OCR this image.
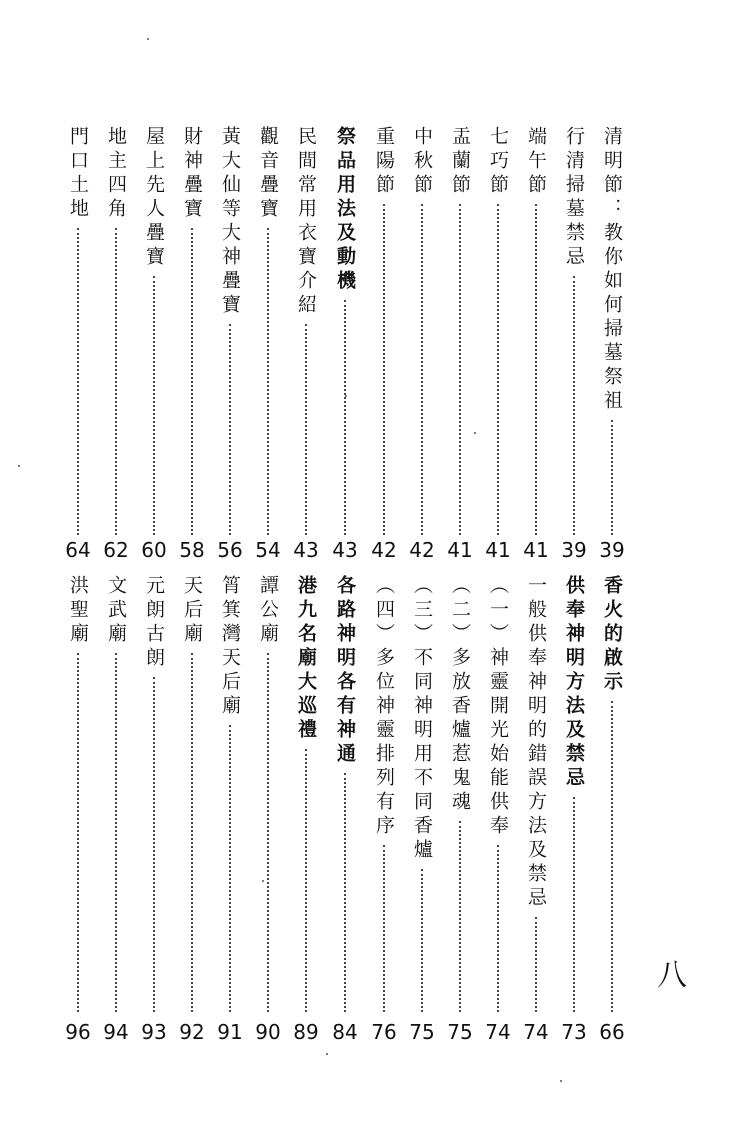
清明節：教你如何掃墓祭祖
39
行清掃墓禁忌
39
端午節
41
七巧節
41
盂蘭節
41
中秋節
42
重陽節
42
祭品用法及動機
43
民間常用衣寶介紹
43
觀音疊寶
54
黃大仙等大神疊寶
56
財神疊寶
58
屋上先人疊寶
60
地主四角
62
門口土地
64
香火的啟示
66
供奉神明方法及禁忌
73
一般供奉神明的錯誤方法及禁忌
74
（一）神靈開光始能供奉
74
（二）多放香爐惹鬼魂
75
（三）不同神明用不同香爐
75
（四）多位神靈排列有序
76
各路神明各有神通
84
港九名廟大巡禮
89
譚公廟
90
筲箕灣天后廟
91
天后廟
92
元朗古朗
93
文武廟
94
洪聖廟
96
八
